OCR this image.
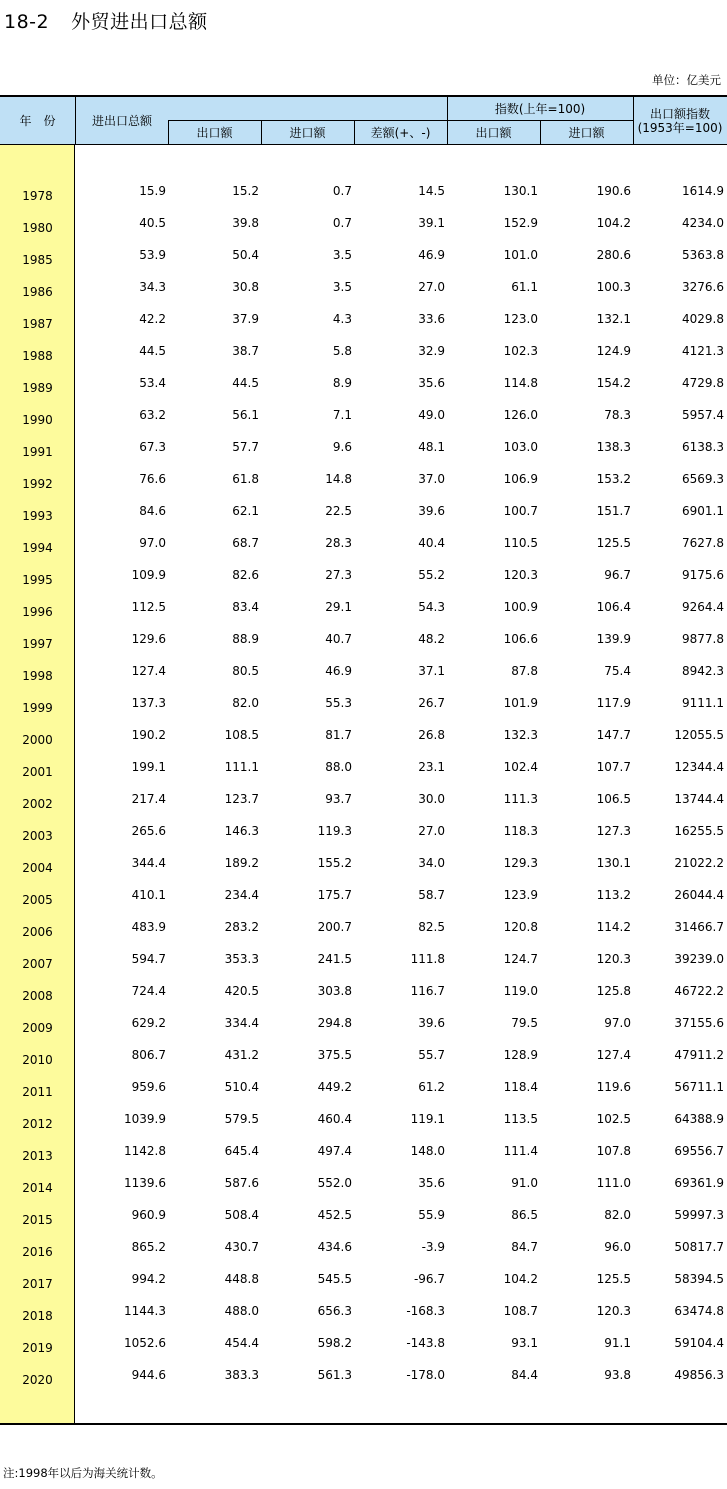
18-2 外贸进出口总额
单位：亿美元
年　份	进出口总额
出口额	进口额	差额(+、-)
指数(上年=100)
出口额	进口额
出口额指数
(1953年=100)
1978	15.9	15.2	0.7	14.5	130.1	190.6	1614.9
1980	40.5	39.8	0.7	39.1	152.9	104.2	4234.0
1985	53.9	50.4	3.5	46.9	101.0	280.6	5363.8
1986	34.3	30.8	3.5	27.0	61.1	100.3	3276.6
1987	42.2	37.9	4.3	33.6	123.0	132.1	4029.8
1988	44.5	38.7	5.8	32.9	102.3	124.9	4121.3
1989	53.4	44.5	8.9	35.6	114.8	154.2	4729.8
1990	63.2	56.1	7.1	49.0	126.0	78.3	5957.4
1991	67.3	57.7	9.6	48.1	103.0	138.3	6138.3
1992	76.6	61.8	14.8	37.0	106.9	153.2	6569.3
1993	84.6	62.1	22.5	39.6	100.7	151.7	6901.1
1994	97.0	68.7	28.3	40.4	110.5	125.5	7627.8
1995	109.9	82.6	27.3	55.2	120.3	96.7	9175.6
1996	112.5	83.4	29.1	54.3	100.9	106.4	9264.4
1997	129.6	88.9	40.7	48.2	106.6	139.9	9877.8
1998	127.4	80.5	46.9	37.1	87.8	75.4	8942.3
1999	137.3	82.0	55.3	26.7	101.9	117.9	9111.1
2000	190.2	108.5	81.7	26.8	132.3	147.7	12055.5
2001	199.1	111.1	88.0	23.1	102.4	107.7	12344.4
2002	217.4	123.7	93.7	30.0	111.3	106.5	13744.4
2003	265.6	146.3	119.3	27.0	118.3	127.3	16255.5
2004	344.4	189.2	155.2	34.0	129.3	130.1	21022.2
2005	410.1	234.4	175.7	58.7	123.9	113.2	26044.4
2006	483.9	283.2	200.7	82.5	120.8	114.2	31466.7
2007	594.7	353.3	241.5	111.8	124.7	120.3	39239.0
2008	724.4	420.5	303.8	116.7	119.0	125.8	46722.2
2009	629.2	334.4	294.8	39.6	79.5	97.0	37155.6
2010	806.7	431.2	375.5	55.7	128.9	127.4	47911.2
2011	959.6	510.4	449.2	61.2	118.4	119.6	56711.1
2012	1039.9	579.5	460.4	119.1	113.5	102.5	64388.9
2013	1142.8	645.4	497.4	148.0	111.4	107.8	69556.7
2014	1139.6	587.6	552.0	35.6	91.0	111.0	69361.9
2015	960.9	508.4	452.5	55.9	86.5	82.0	59997.3
2016	865.2	430.7	434.6	-3.9	84.7	96.0	50817.7
2017	994.2	448.8	545.5	-96.7	104.2	125.5	58394.5
2018	1144.3	488.0	656.3	-168.3	108.7	120.3	63474.8
2019	1052.6	454.4	598.2	-143.8	93.1	91.1	59104.4
2020	944.6	383.3	561.3	-178.0	84.4	93.8	49856.3
注:1998年以后为海关统计数。
